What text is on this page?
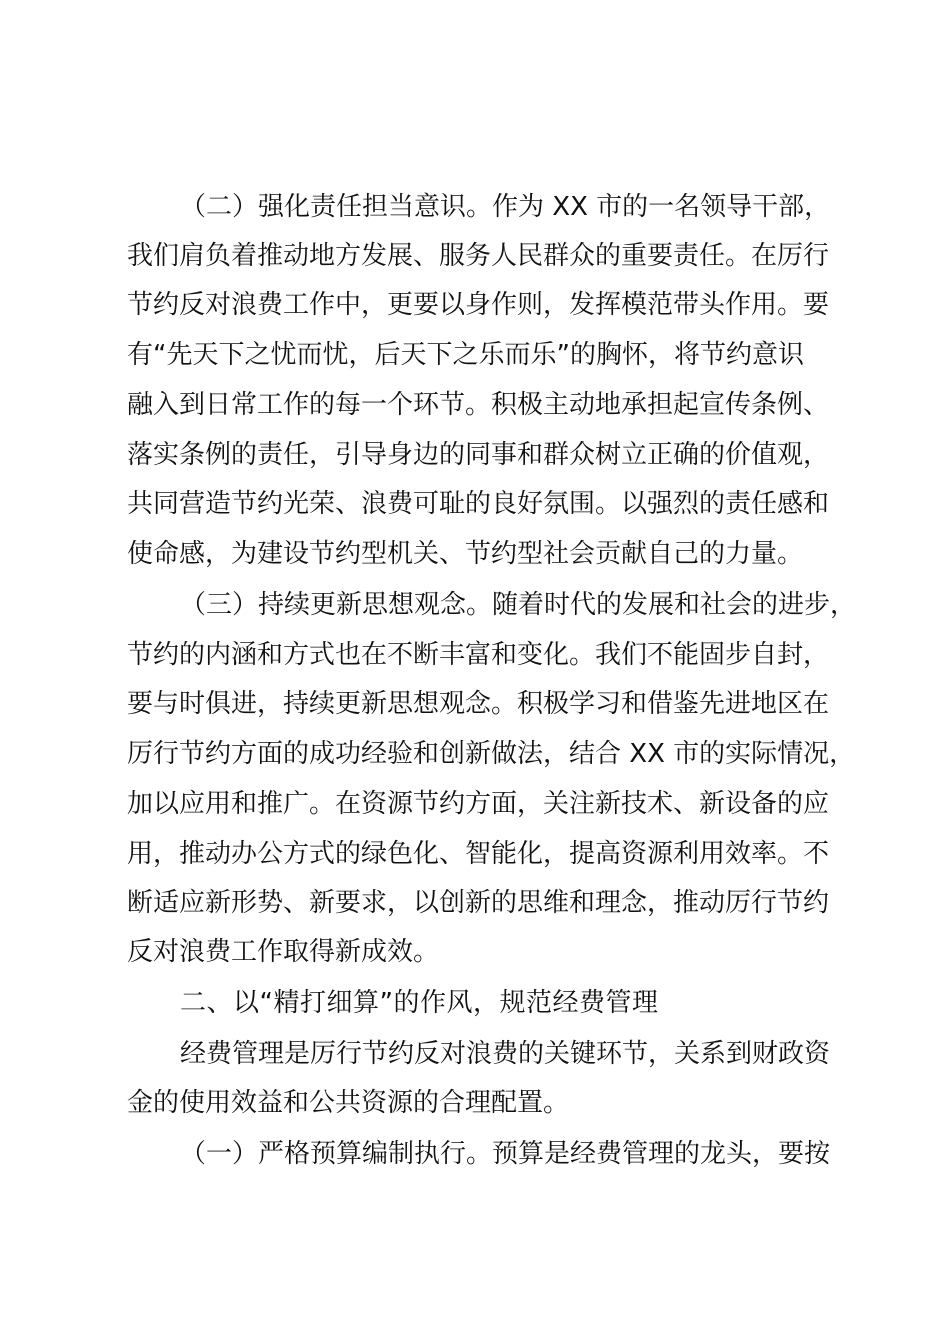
（二）强化责任担当意识。作为 XX 市的一名领导干部，

我们肩负着推动地方发展、服务人民群众的重要责任。在厉行

节约反对浪费工作中，更要以身作则，发挥模范带头作用。要

有“先天下之忧而忧，后天下之乐而乐”的胸怀，将节约意识

融入到日常工作的每一个环节。积极主动地承担起宣传条例、

落实条例的责任，引导身边的同事和群众树立正确的价值观，

共同营造节约光荣、浪费可耻的良好氛围。以强烈的责任感和

使命感，为建设节约型机关、节约型社会贡献自己的力量。

（三）持续更新思想观念。随着时代的发展和社会的进步，

节约的内涵和方式也在不断丰富和变化。我们不能固步自封，

要与时俱进，持续更新思想观念。积极学习和借鉴先进地区在

厉行节约方面的成功经验和创新做法，结合 XX 市的实际情况，

加以应用和推广。在资源节约方面，关注新技术、新设备的应

用，推动办公方式的绿色化、智能化，提高资源利用效率。不

断适应新形势、新要求，以创新的思维和理念，推动厉行节约

反对浪费工作取得新成效。

二、以“精打细算”的作风，规范经费管理

经费管理是厉行节约反对浪费的关键环节，关系到财政资

金的使用效益和公共资源的合理配置。

（一）严格预算编制执行。预算是经费管理的龙头，要按
